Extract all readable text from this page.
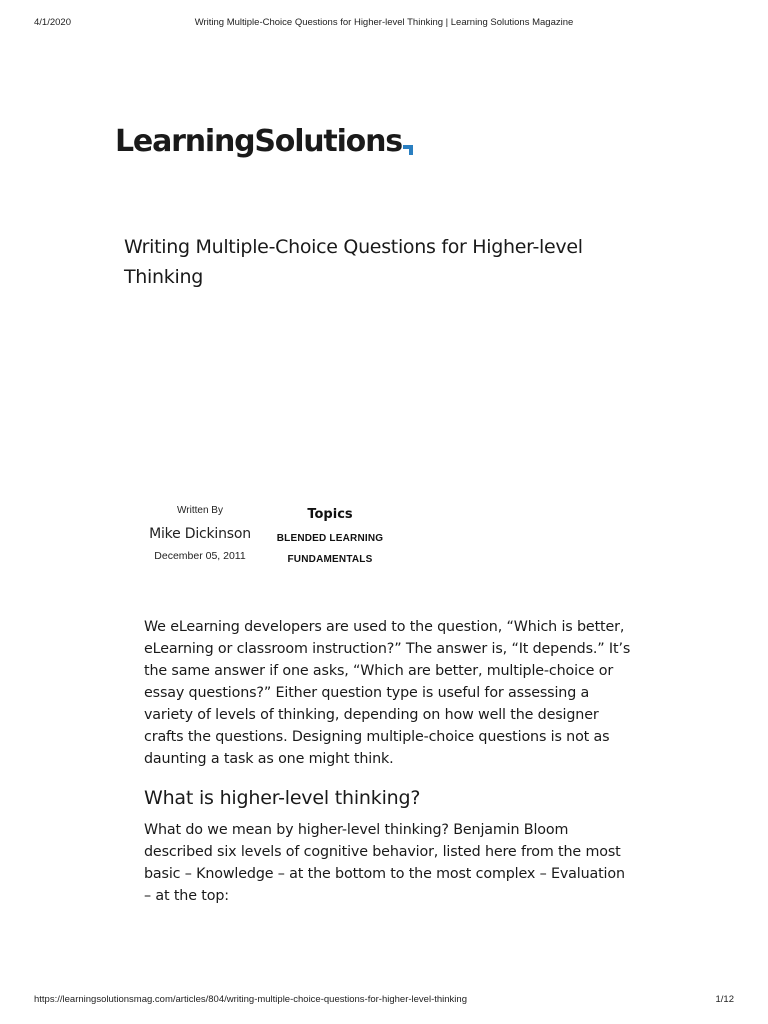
4/1/2020	Writing Multiple-Choice Questions for Higher-level Thinking | Learning Solutions Magazine
LearningSolutions
Writing Multiple-Choice Questions for Higher-level Thinking
Written By
Mike Dickinson
December 05, 2011
Topics
BLENDED LEARNING
FUNDAMENTALS

We eLearning developers are used to the question, “Which is better, eLearning or classroom instruction?” The answer is, “It depends.” It’s the same answer if one asks, “Which are better, multiple-choice or essay questions?” Either question type is useful for assessing a variety of levels of thinking, depending on how well the designer crafts the questions. Designing multiple-choice questions is not as daunting a task as one might think.

What is higher-level thinking?

What do we mean by higher-level thinking? Benjamin Bloom described six levels of cognitive behavior, listed here from the most basic – Knowledge – at the bottom to the most complex – Evaluation – at the top:

https://learningsolutionsmag.com/articles/804/writing-multiple-choice-questions-for-higher-level-thinking	1/12
